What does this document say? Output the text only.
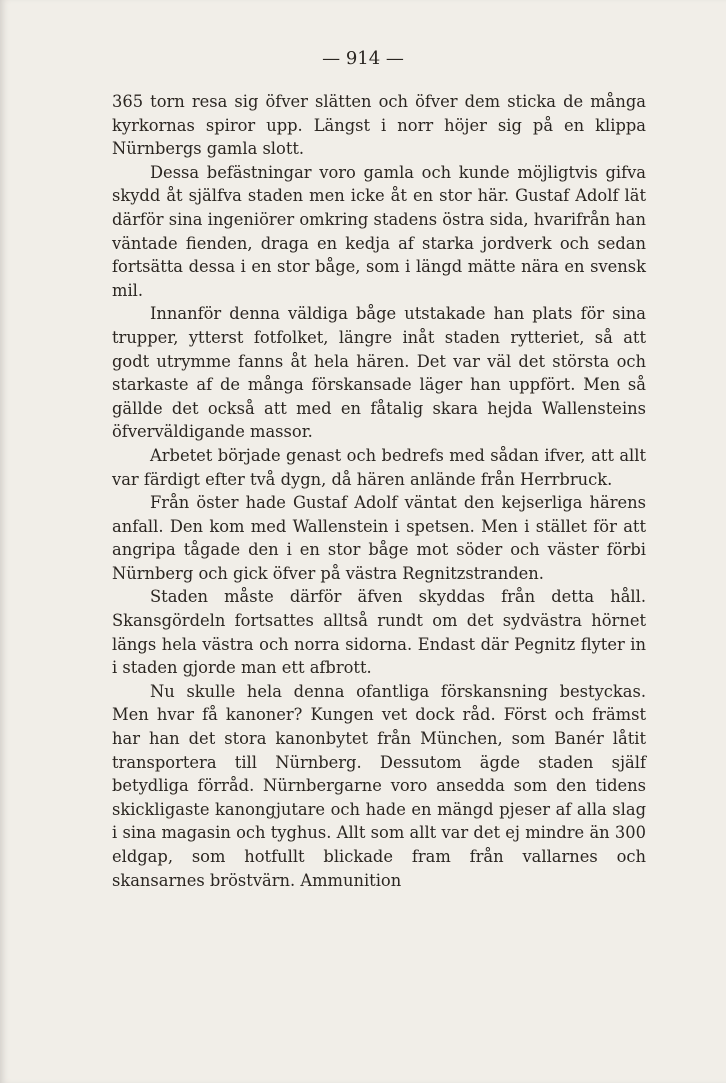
— 914 —

365 torn resa sig öfver slätten och öfver dem sticka de många kyrkornas spiror upp. Längst i norr höjer sig på en klippa Nürnbergs gamla slott.

Dessa befästningar voro gamla och kunde möjligtvis gifva skydd åt själfva staden men icke åt en stor här. Gustaf Adolf lät därför sina ingeniörer omkring stadens östra sida, hvarifrån han väntade fienden, draga en kedja af starka jordverk och sedan fortsätta dessa i en stor båge, som i längd mätte nära en svensk mil.

Innanför denna väldiga båge utstakade han plats för sina trupper, ytterst fotfolket, längre inåt staden rytteriet, så att godt utrymme fanns åt hela hären. Det var väl det största och starkaste af de många förskansade läger han uppfört. Men så gällde det också att med en fåtalig skara hejda Wallensteins öfverväldigande massor.

Arbetet började genast och bedrefs med sådan ifver, att allt var färdigt efter två dygn, då hären anlände från Herrbruck.

Från öster hade Gustaf Adolf väntat den kejserliga härens anfall. Den kom med Wallenstein i spetsen. Men i stället för att angripa tågade den i en stor båge mot söder och väster förbi Nürnberg och gick öfver på västra Regnitzstranden.

Staden måste därför äfven skyddas från detta håll. Skansgördeln fortsattes alltså rundt om det sydvästra hörnet längs hela västra och norra sidorna. Endast där Pegnitz flyter in i staden gjorde man ett afbrott.

Nu skulle hela denna ofantliga förskansning bestyckas. Men hvar få kanoner? Kungen vet dock råd. Först och främst har han det stora kanonbytet från München, som Banér låtit transportera till Nürnberg. Dessutom ägde staden själf betydliga förråd. Nürnbergarne voro ansedda som den tidens skickligaste kanongjutare och hade en mängd pjeser af alla slag i sina magasin och tyghus. Allt som allt var det ej mindre än 300 eldgap, som hotfullt blickade fram från vallarnes och skansarnes bröstvärn. Ammunition
